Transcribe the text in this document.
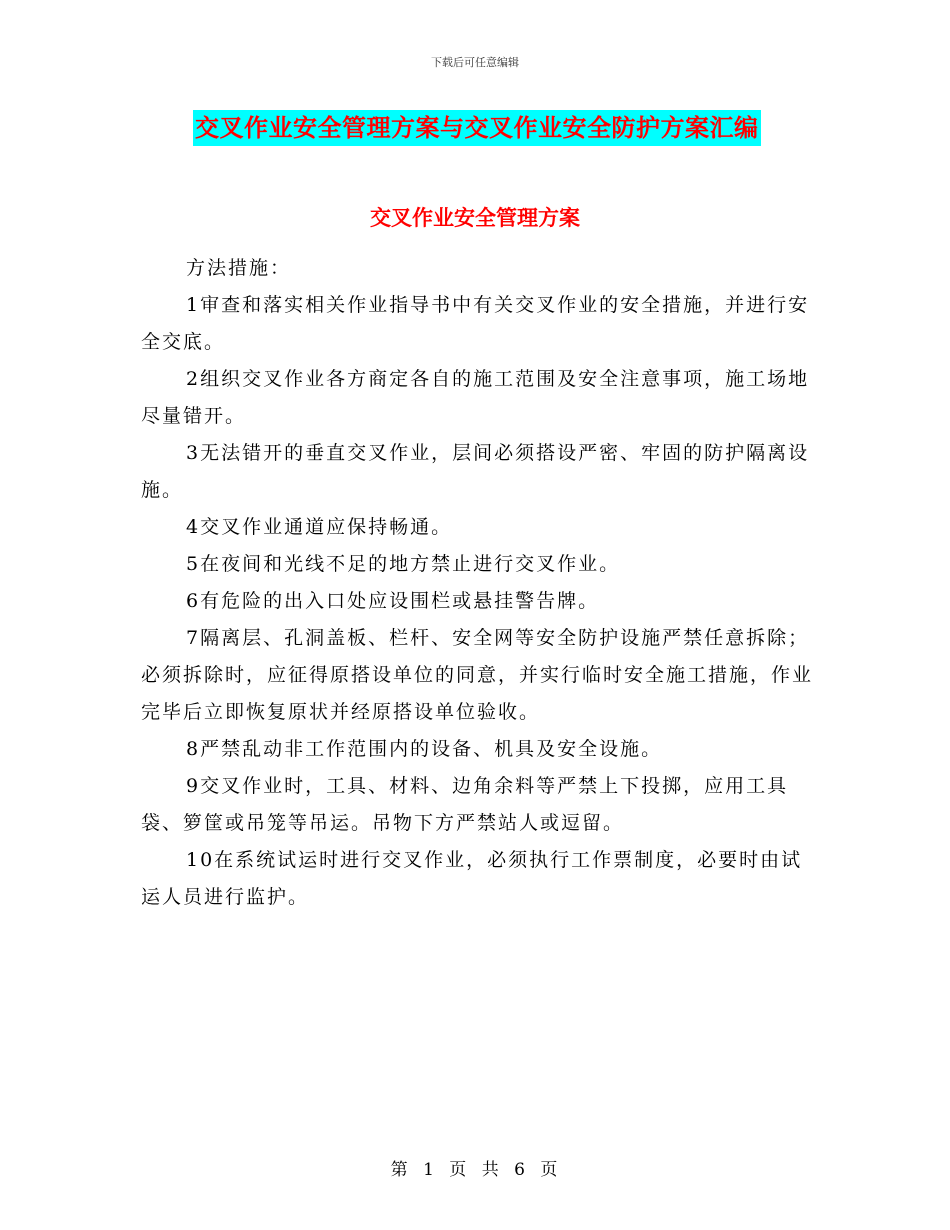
下载后可任意编辑
交叉作业安全管理方案与交叉作业安全防护方案汇编
交叉作业安全管理方案

方法措施：

1审查和落实相关作业指导书中有关交叉作业的安全措施，并进行安全交底。

2组织交叉作业各方商定各自的施工范围及安全注意事项，施工场地尽量错开。

3无法错开的垂直交叉作业，层间必须搭设严密、牢固的防护隔离设施。

4交叉作业通道应保持畅通。

5在夜间和光线不足的地方禁止进行交叉作业。

6有危险的出入口处应设围栏或悬挂警告牌。

7隔离层、孔洞盖板、栏杆、安全网等安全防护设施严禁任意拆除；必须拆除时，应征得原搭设单位的同意，并实行临时安全施工措施，作业完毕后立即恢复原状并经原搭设单位验收。

8严禁乱动非工作范围内的设备、机具及安全设施。

9交叉作业时，工具、材料、边角余料等严禁上下投掷，应用工具袋、箩筐或吊笼等吊运。吊物下方严禁站人或逗留。

10在系统试运时进行交叉作业，必须执行工作票制度，必要时由试运人员进行监护。

第 1 页 共 6 页
